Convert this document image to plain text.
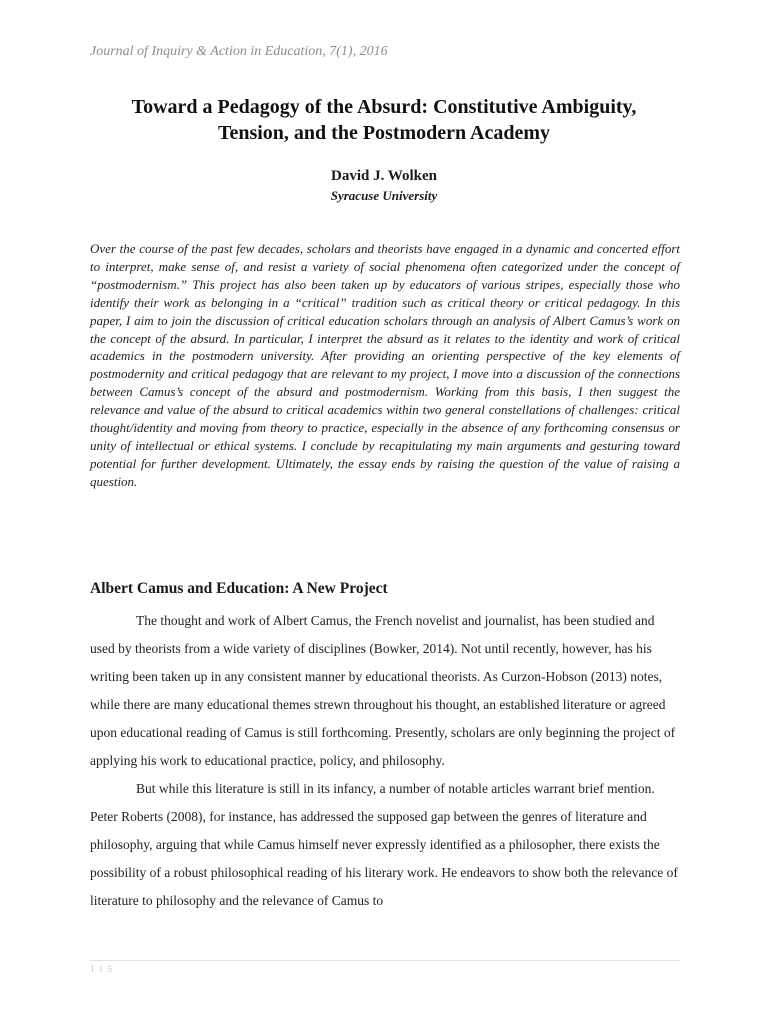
Journal of Inquiry & Action in Education, 7(1), 2016
Toward a Pedagogy of the Absurd: Constitutive Ambiguity,
Tension, and the Postmodern Academy
David J. Wolken
Syracuse University
Over the course of the past few decades, scholars and theorists have engaged in a dynamic and concerted effort to interpret, make sense of, and resist a variety of social phenomena often categorized under the concept of “postmodernism.” This project has also been taken up by educators of various stripes, especially those who identify their work as belonging in a “critical” tradition such as critical theory or critical pedagogy. In this paper, I aim to join the discussion of critical education scholars through an analysis of Albert Camus’s work on the concept of the absurd. In particular, I interpret the absurd as it relates to the identity and work of critical academics in the postmodern university. After providing an orienting perspective of the key elements of postmodernity and critical pedagogy that are relevant to my project, I move into a discussion of the connections between Camus’s concept of the absurd and postmodernism. Working from this basis, I then suggest the relevance and value of the absurd to critical academics within two general constellations of challenges: critical thought/identity and moving from theory to practice, especially in the absence of any forthcoming consensus or unity of intellectual or ethical systems. I conclude by recapitulating my main arguments and gesturing toward potential for further development. Ultimately, the essay ends by raising the question of the value of raising a question.
Albert Camus and Education: A New Project

The thought and work of Albert Camus, the French novelist and journalist, has been studied and used by theorists from a wide variety of disciplines (Bowker, 2014). Not until recently, however, has his writing been taken up in any consistent manner by educational theorists. As Curzon-Hobson (2013) notes, while there are many educational themes strewn throughout his thought, an established literature or agreed upon educational reading of Camus is still forthcoming. Presently, scholars are only beginning the project of applying his work to educational practice, policy, and philosophy.

But while this literature is still in its infancy, a number of notable articles warrant brief mention. Peter Roberts (2008), for instance, has addressed the supposed gap between the genres of literature and philosophy, arguing that while Camus himself never expressly identified as a philosopher, there exists the possibility of a robust philosophical reading of his literary work. He endeavors to show both the relevance of literature to philosophy and the relevance of Camus to

1 1 5
